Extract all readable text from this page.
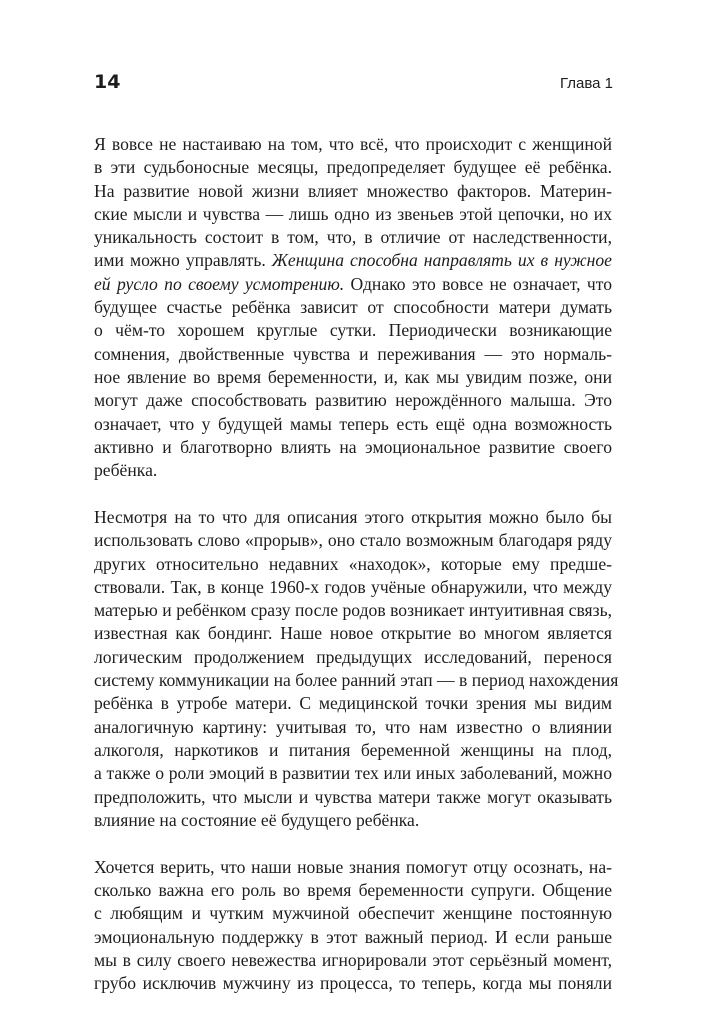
14	Глава 1

Я вовсе не настаиваю на том, что всё, что происходит с женщиной
в эти судьбоносные месяцы, предопределяет будущее её ребёнка.
На развитие новой жизни влияет множество факторов. Материн-
ские мысли и чувства — лишь одно из звеньев этой цепочки, но их
уникальность состоит в том, что, в отличие от наследственности,
ими можно управлять. Женщина способна направлять их в нужное
ей русло по своему усмотрению. Однако это вовсе не означает, что
будущее счастье ребёнка зависит от способности матери думать
о чём-то хорошем круглые сутки. Периодически возникающие
сомнения, двойственные чувства и переживания — это нормаль-
ное явление во время беременности, и, как мы увидим позже, они
могут даже способствовать развитию нерождённого малыша. Это
означает, что у будущей мамы теперь есть ещё одна возможность
активно и благотворно влиять на эмоциональное развитие своего
ребёнка.

Несмотря на то что для описания этого открытия можно было бы
использовать слово «прорыв», оно стало возможным благодаря ряду
других относительно недавних «находок», которые ему предше-
ствовали. Так, в конце 1960-х годов учёные обнаружили, что между
матерью и ребёнком сразу после родов возникает интуитивная связь,
известная как бондинг. Наше новое открытие во многом является
логическим продолжением предыдущих исследований, перенося
систему коммуникации на более ранний этап — в период нахождения
ребёнка в утробе матери. С медицинской точки зрения мы видим
аналогичную картину: учитывая то, что нам известно о влиянии
алкоголя, наркотиков и питания беременной женщины на плод,
а также о роли эмоций в развитии тех или иных заболеваний, можно
предположить, что мысли и чувства матери также могут оказывать
влияние на состояние её будущего ребёнка.

Хочется верить, что наши новые знания помогут отцу осознать, на-
сколько важна его роль во время беременности супруги. Общение
с любящим и чутким мужчиной обеспечит женщине постоянную
эмоциональную поддержку в этот важный период. И если раньше
мы в силу своего невежества игнорировали этот серьёзный момент,
грубо исключив мужчину из процесса, то теперь, когда мы поняли
